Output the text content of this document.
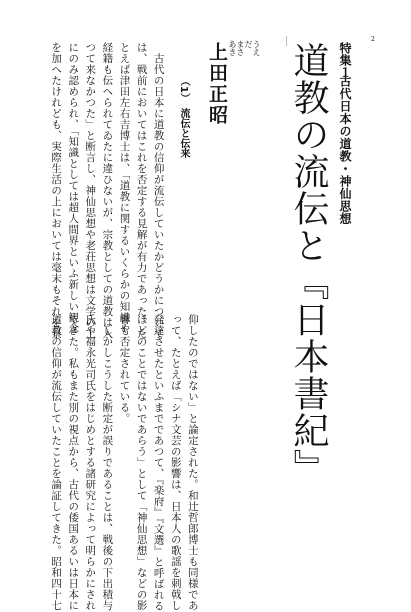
2
特集１
古代日本の道教・神仙思想
道教の流伝と『日本書紀』
うえ
だ
まさ
あき
上田正昭
（1）　流伝と伝来

古代の日本に道教の信仰が流伝していたかどうかについて

は、戦前においてはこれを否定する見解が有力であった。た

とえば津田左右吉博士は、「道教に関するいくらかの知識や

経籍も伝へられてゐたに違ひないが、宗教としての道教は入

つて来なかつた」と断言し、神仙思想や老荘思想は文学の上

にのみ認められ、「知識としては超人間界といふ新しい観念

を加へたけれども、実際生活の上においては毫末もそれを景

仰したのではない」と論定された。和辻哲郎博士も同様であ

って、たとえば「シナ文芸の影響は、日本人の歌謡を刺戟し

発達させたといふまでであつて、『楽府』『文選』と呼ばれる

ほどのことではないであらう」として「神仙思想」などの影

響も否定されている。

しかしこうした断定が誤りであることは、戦後の下出積与

氏や福永光司氏をはじめとする諸研究によって明らかにされ

てきた。私もまた別の視点から、古代の倭国あるいは日本に

道教の信仰が流伝していたことを論証してきた。昭和四十七
